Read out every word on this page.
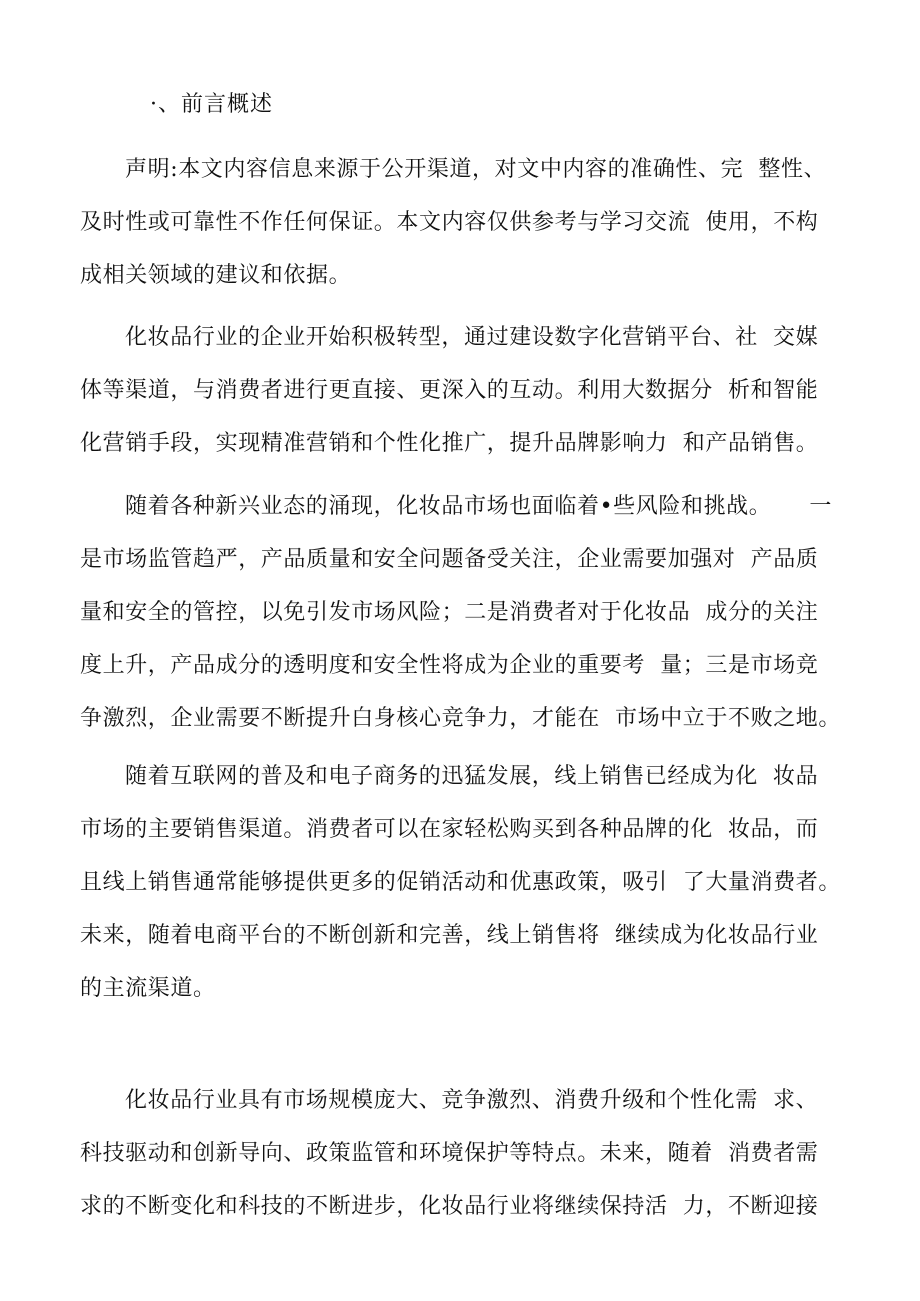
·、前言概述

声明:本文内容信息来源于公开渠道，对文中内容的准确性、完  整性、
及时性或可靠性不作任何保证。本文内容仅供参考与学习交流  使用，不构
成相关领域的建议和依据。

化妆品行业的企业开始积极转型，通过建设数字化营销平台、社  交媒
体等渠道，与消费者进行更直接、更深入的互动。利用大数据分  析和智能
化营销手段，实现精准营销和个性化推广，提升品牌影响力  和产品销售。

随着各种新兴业态的涌现，化妆品市场也面临着•些风险和挑战。     一
是市场监管趋严，产品质量和安全问题备受关注，企业需要加强对  产品质
量和安全的管控，以免引发市场风险；二是消费者对于化妆品  成分的关注
度上升，产品成分的透明度和安全性将成为企业的重要考  量；三是市场竞
争激烈，企业需要不断提升白身核心竞争力，才能在  市场中立于不败之地。

随着互联网的普及和电子商务的迅猛发展，线上销售已经成为化  妆品
市场的主要销售渠道。消费者可以在家轻松购买到各种品牌的化  妆品，而
且线上销售通常能够提供更多的促销活动和优惠政策，吸引  了大量消费者。
未来，随着电商平台的不断创新和完善，线上销售将  继续成为化妆品行业
的主流渠道。

化妆品行业具有市场规模庞大、竞争激烈、消费升级和个性化需  求、
科技驱动和创新导向、政策监管和环境保护等特点。未来，随着  消费者需
求的不断变化和科技的不断进步，化妆品行业将继续保持活  力，不断迎接
